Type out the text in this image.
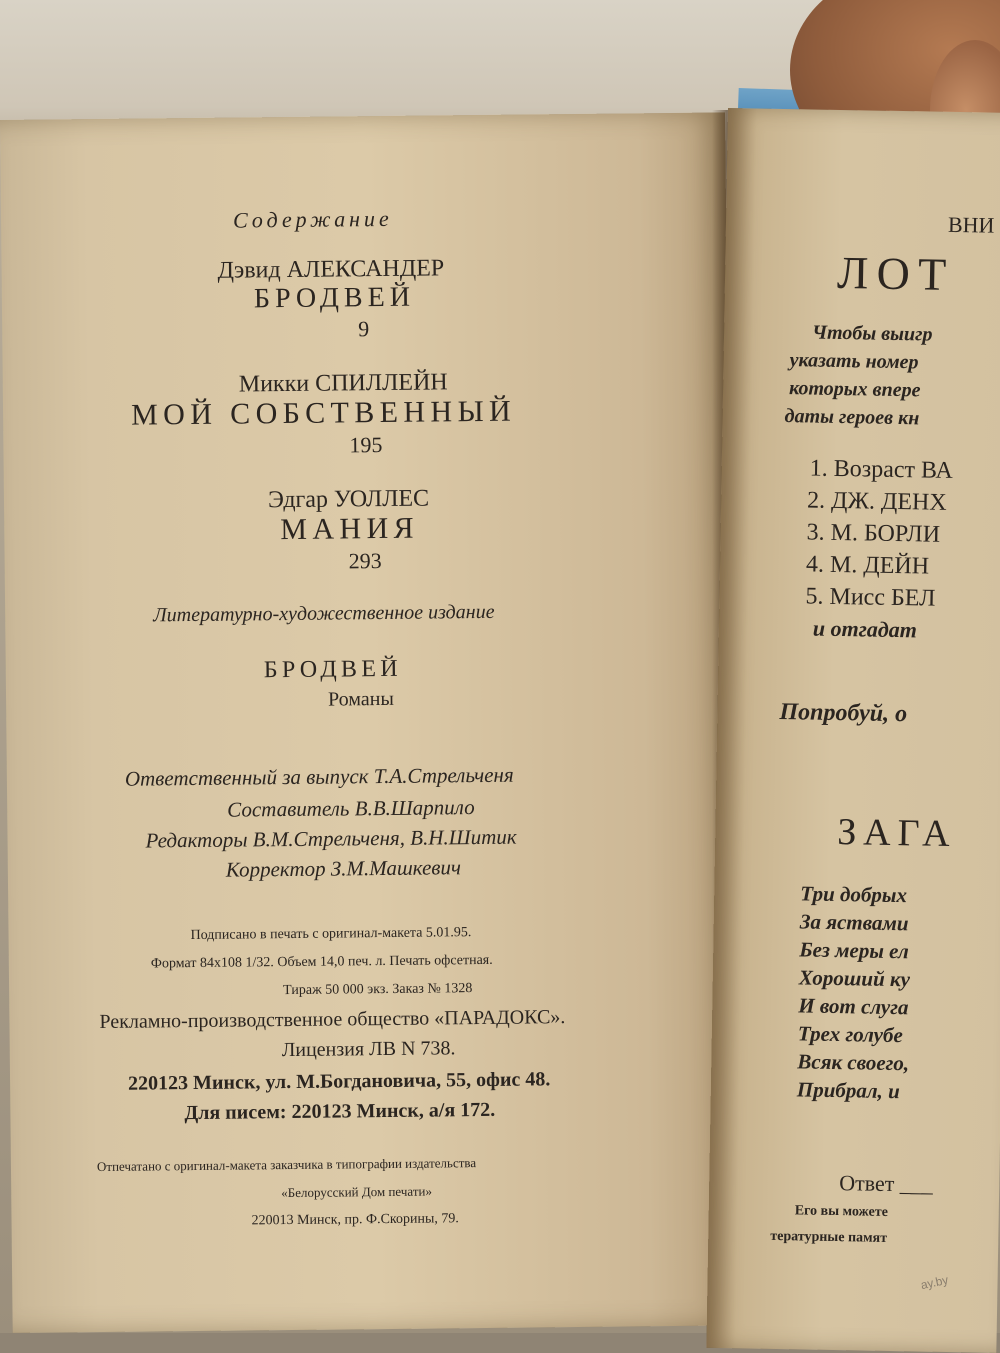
Содержание
Дэвид АЛЕКСАНДЕР
БРОДВЕЙ
9
Микки СПИЛЛЕЙН
МОЙ СОБСТВЕННЫЙ
195
Эдгар УОЛЛЕС
МАНИЯ
293
Литературно-художественное издание
БРОДВЕЙ
Романы
Ответственный за выпуск Т.А.Стрельченя
Составитель В.В.Шарпило
Редакторы В.М.Стрельченя, В.Н.Шитик
Корректор З.М.Машкевич
Подписано в печать с оригинал-макета 5.01.95.
Формат 84х108 1/32. Объем 14,0 печ. л. Печать офсетная.
Тираж 50 000 экз. Заказ № 1328
Рекламно-производственное общество «ПАРАДОКС».
Лицензия ЛВ N 738.
220123 Минск, ул. М.Богдановича, 55, офис 48.
Для писем: 220123 Минск, а/я 172.
Отпечатано с оригинал-макета заказчика в типографии издательства
«Белорусский Дом печати»
220013 Минск, пр. Ф.Скорины, 79.
ВНИ
ЛОТ
Чтобы выигр
указать номер
которых впере
даты героев кн
1. Возраст ВА
2. ДЖ. ДЕНХ
3. М. БОРЛИ
4. М. ДЕЙН
5. Мисс БЕЛ
и отгадат
Попробуй, о
ЗАГА
Три добрых
За яствами
Без меры ел
Хороший ку
И вот слуга
Трех голубе
Всяк своего,
Прибрал, и
Ответ ___
Его вы можете
тературные памят
ay.by
